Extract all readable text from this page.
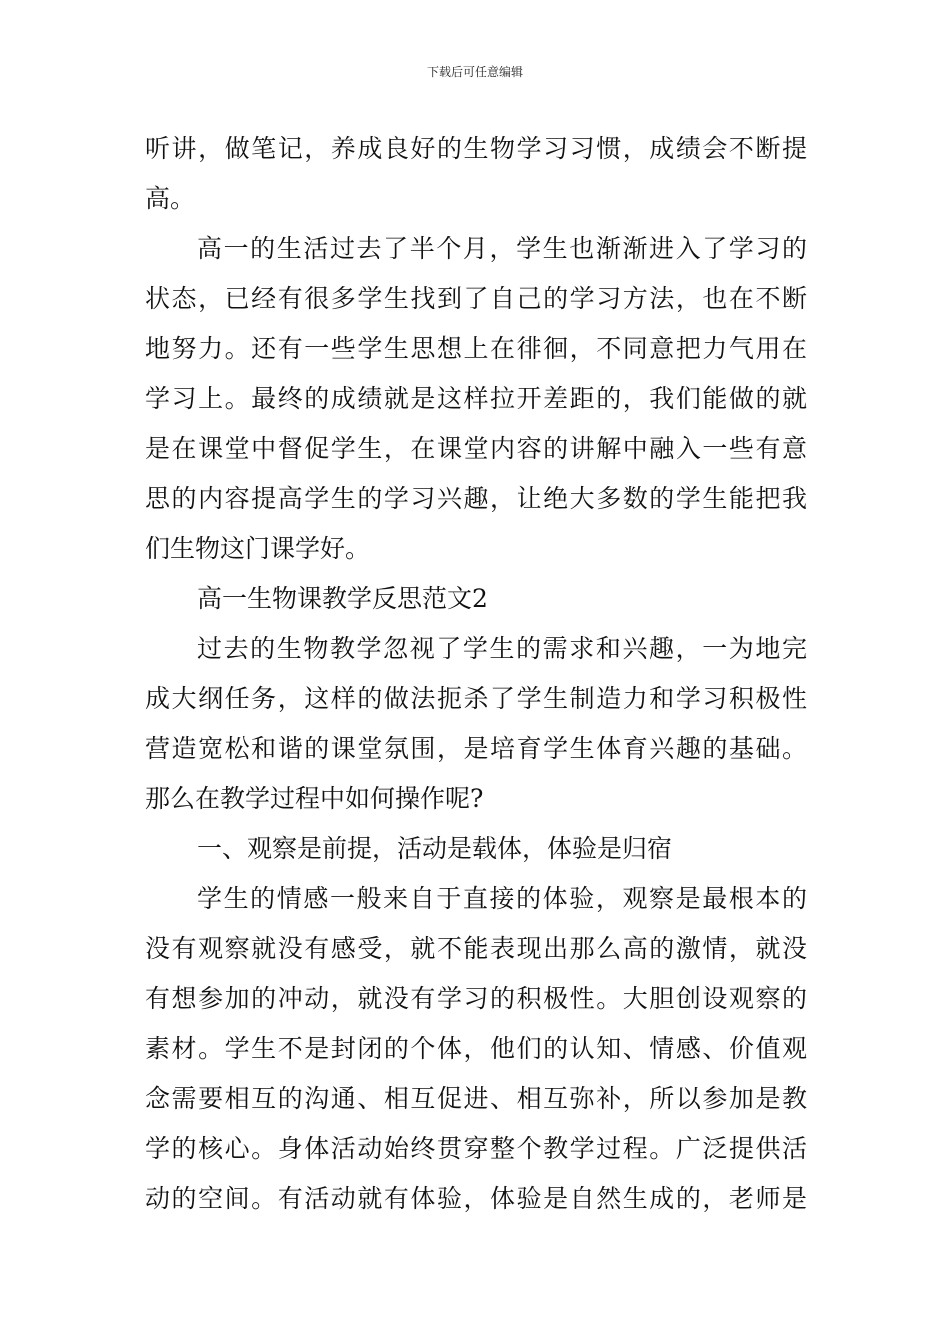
下载后可任意编辑
听讲，做笔记，养成良好的生物学习习惯，成绩会不断提
高。
高一的生活过去了半个月，学生也渐渐进入了学习的
状态，已经有很多学生找到了自己的学习方法，也在不断
地努力。还有一些学生思想上在徘徊，不同意把力气用在
学习上。最终的成绩就是这样拉开差距的，我们能做的就
是在课堂中督促学生，在课堂内容的讲解中融入一些有意
思的内容提高学生的学习兴趣，让绝大多数的学生能把我
们生物这门课学好。
高一生物课教学反思范文2
过去的生物教学忽视了学生的需求和兴趣，一为地完
成大纲任务，这样的做法扼杀了学生制造力和学习积极性
营造宽松和谐的课堂氛围，是培育学生体育兴趣的基础。
那么在教学过程中如何操作呢?
一、观察是前提，活动是载体，体验是归宿
学生的情感一般来自于直接的体验，观察是最根本的
没有观察就没有感受，就不能表现出那么高的激情，就没
有想参加的冲动，就没有学习的积极性。大胆创设观察的
素材。学生不是封闭的个体，他们的认知、情感、价值观
念需要相互的沟通、相互促进、相互弥补，所以参加是教
学的核心。身体活动始终贯穿整个教学过程。广泛提供活
动的空间。有活动就有体验，体验是自然生成的，老师是
